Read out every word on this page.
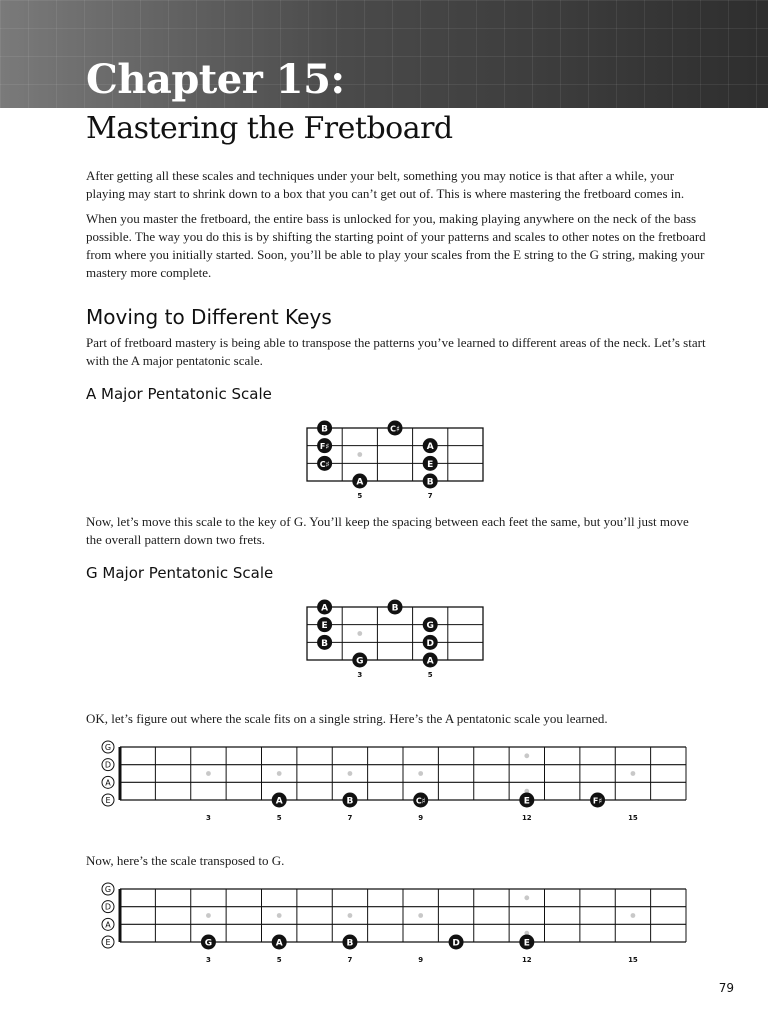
Chapter 15:
Mastering the Fretboard

After getting all these scales and techniques under your belt, something you may notice is that after a while, your playing may start to shrink down to a box that you can’t get out of. This is where mastering the fretboard comes in.

When you master the fretboard, the entire bass is unlocked for you, making playing anywhere on the neck of the bass possible. The way you do this is by shifting the starting point of your patterns and scales to other notes on the fretboard from where you initially started. Soon, you’ll be able to play your scales from the E string to the G string, making your mastery more complete.

Moving to Different Keys

Part of fretboard mastery is being able to transpose the patterns you’ve learned to different areas of the neck. Let’s start with the A major pentatonic scale.

A Major Pentatonic Scale
B	C♯
F♯	A
C♯	E
A	B
5	7

Now, let’s move this scale to the key of G. You’ll keep the spacing between each feet the same, but you’ll just move the overall pattern down two frets.

G Major Pentatonic Scale
A	B
E	G
B	D
G	A
3	5

OK, let’s figure out where the scale fits on a single string. Here’s the A pentatonic scale you learned.

G
D
A
E	A	B	C♯	E	F♯
3	5	7	9	12	15

Now, here’s the scale transposed to G.

G
D
A
E	G	A	B	D	E
3	5	7	9	12	15
79
